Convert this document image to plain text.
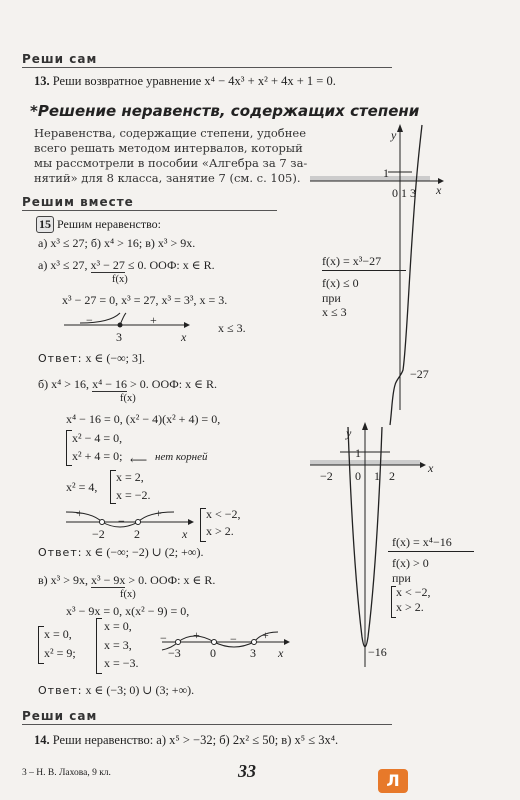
Реши сам
13. Реши возвратное уравнение x⁴ − 4x³ + x² + 4x + 1 = 0.
*Решение неравенств, содержащих степени
Неравенства, содержащие степени, удобнее
всего решать методом интервалов, который
мы рассмотрели в пособии «Алгебра за 7 за-
нятий» для 8 класса, занятие 7 (см. с. 105).
Решим вместе
15 Решим неравенство:
а) x³ ≤ 27; б) x⁴ > 16; в) x³ > 9x.
а) x³ ≤ 27, x³ − 27 ≤ 0. ООФ: x ∈ R.
f(x)
x³ − 27 = 0, x³ = 27, x³ = 3³, x = 3.
−	+
3	x
x ≤ 3.
Ответ: x ∈ (−∞; 3].
б) x⁴ > 16, x⁴ − 16 > 0. ООФ: x ∈ R.
f(x)
x⁴ − 16 = 0, (x² − 4)(x² + 4) = 0,
x² − 4 = 0,
x² + 4 = 0; ⟵ нет корней
x² = 4,
x = 2,
x = −2.
+
−
+
−2 2	x
x < −2,
x > 2.
Ответ: x ∈ (−∞; −2) ∪ (2; +∞).
в) x³ > 9x, x³ − 9x > 0. ООФ: x ∈ R.
f(x)
x³ − 9x = 0, x(x² − 9) = 0,
x = 0,
x² = 9;
x = 0,
x = 3,
x = −3.
− +	− +
−3 0	3 x
Ответ: x ∈ (−3; 0) ∪ (3; +∞).
Реши сам
14. Реши неравенство: а) x⁵ > −32; б) 2x² ≤ 50; в) x⁵ ≤ 3x⁴.
3 – Н. В. Лахова, 9 кл.	33	Л
y
1
0 1 3 x
f(x) = x³−27
f(x) ≤ 0
при
x ≤ 3
−27
y
1
−2 0 1 2
x
f(x) = x⁴−16
f(x) > 0
при
x < −2,
x > 2.
−16
